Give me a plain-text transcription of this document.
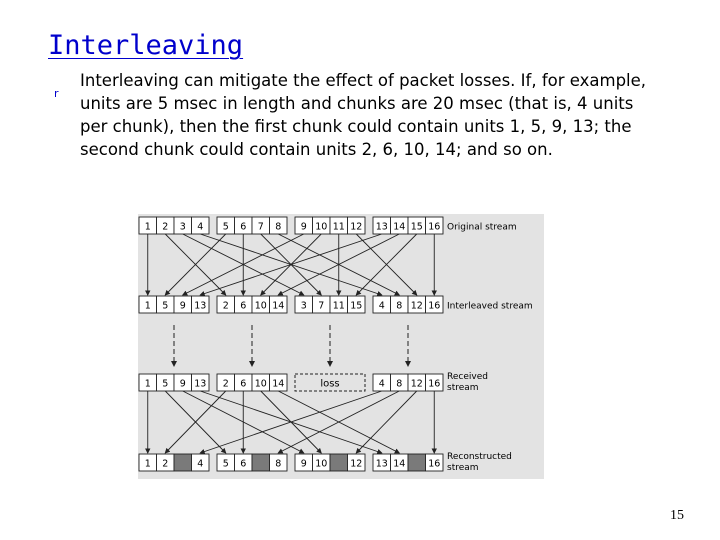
Interleaving
r

Interleaving can mitigate the effect of packet losses. If, for example, units are 5 msec in length and chunks are 20 msec (that is, 4 units per chunk), then the first chunk could contain units 1, 5, 9, 13; the second chunk could contain units 2, 6, 10, 14; and so on.

1 2 3 4 5 6 7 8 9 10 11 12 13 14 15 16 Original stream
1 5 9 13 2 6 10 14 3 7 11 15 4 8 12 16 Interleaved stream
1 5 9 13 2 6 10 14	loss	4 8 12 16
Received
stream
1 2	4 5 6	8 9 10 12 13 14 16
Reconstructed
stream
15
